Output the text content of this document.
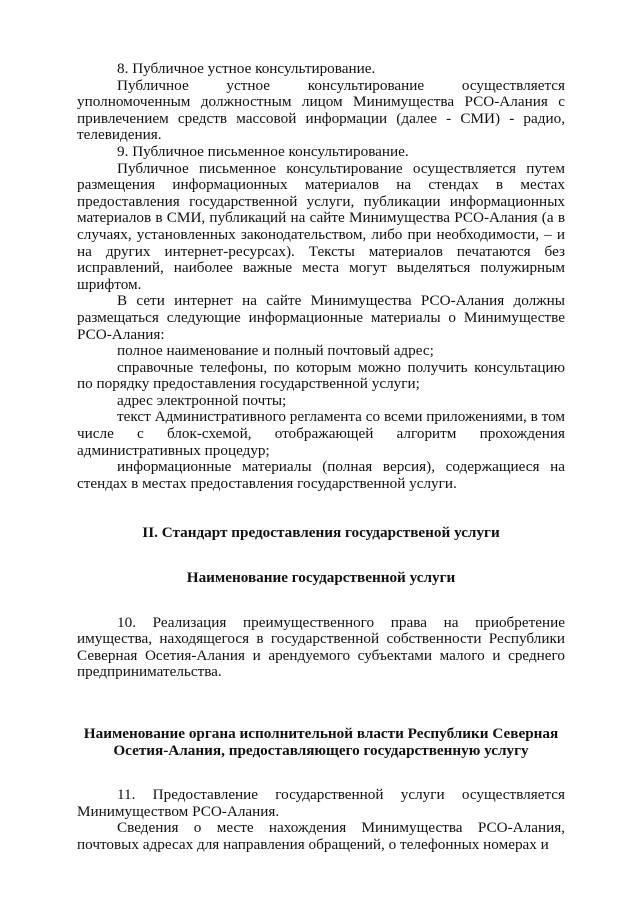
8. Публичное устное консультирование.

Публичное устное консультирование осуществляется уполномоченным должностным лицом Минимущества РСО-Алания с привлечением средств массовой информации (далее - СМИ) - радио, телевидения.

9. Публичное письменное консультирование.

Публичное письменное консультирование осуществляется путем размещения информационных материалов на стендах в местах предоставления государственной услуги, публикации информационных материалов в СМИ, публикаций на сайте Минимущества РСО-Алания (а в случаях, установленных законодательством, либо при необходимости, – и на других интернет-ресурсах). Тексты материалов печатаются без исправлений, наиболее важные места могут выделяться полужирным шрифтом.

В сети интернет на сайте Минимущества РСО-Алания должны размещаться следующие информационные материалы о Минимуществе РСО-Алания:

полное наименование и полный почтовый адрес;

справочные телефоны, по которым можно получить консультацию по порядку предоставления государственной услуги;

адрес электронной почты;

текст Административного регламента со всеми приложениями, в том числе с блок-схемой, отображающей алгоритм прохождения административных процедур;

информационные материалы (полная версия), содержащиеся на стендах в местах предоставления государственной услуги.

II. Стандарт предоставления государственой услуги

Наименование государственной услуги

10. Реализация преимущественного права на приобретение имущества, находящегося в государственной собственности Республики Северная Осетия-Алания и арендуемого субъектами малого и среднего предпринимательства.

Наименование органа исполнительной власти Республики Северная Осетия-Алания, предоставляющего государственную услугу

11. Предоставление государственной услуги осуществляется Минимуществом РСО-Алания.

Сведения о месте нахождения Минимущества РСО-Алания, почтовых адресах для направления обращений, о телефонных номерах и
